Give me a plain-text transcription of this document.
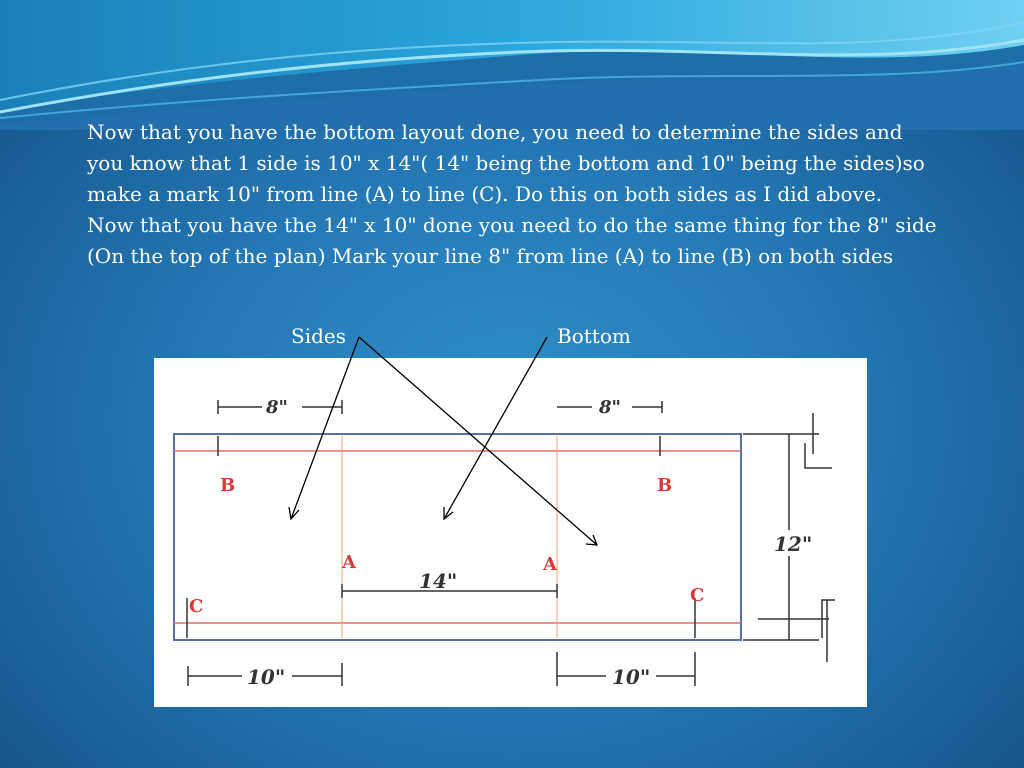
Now that you have the bottom layout done, you need to determine the sides and you know that 1 side is 10" x 14"( 14" being the bottom and 10" being the sides)so make a mark 10" from line (A) to line (C). Do this on both sides as I did above.

Now that you have the 14" x 10" done you need to do the same thing for the 8" side (On the top of the plan) Mark your line 8" from line (A) to line (B) on both sides

Sides	Bottom
8"	8"
14"
10"	10"
12"
B	B
A	A
C
C
